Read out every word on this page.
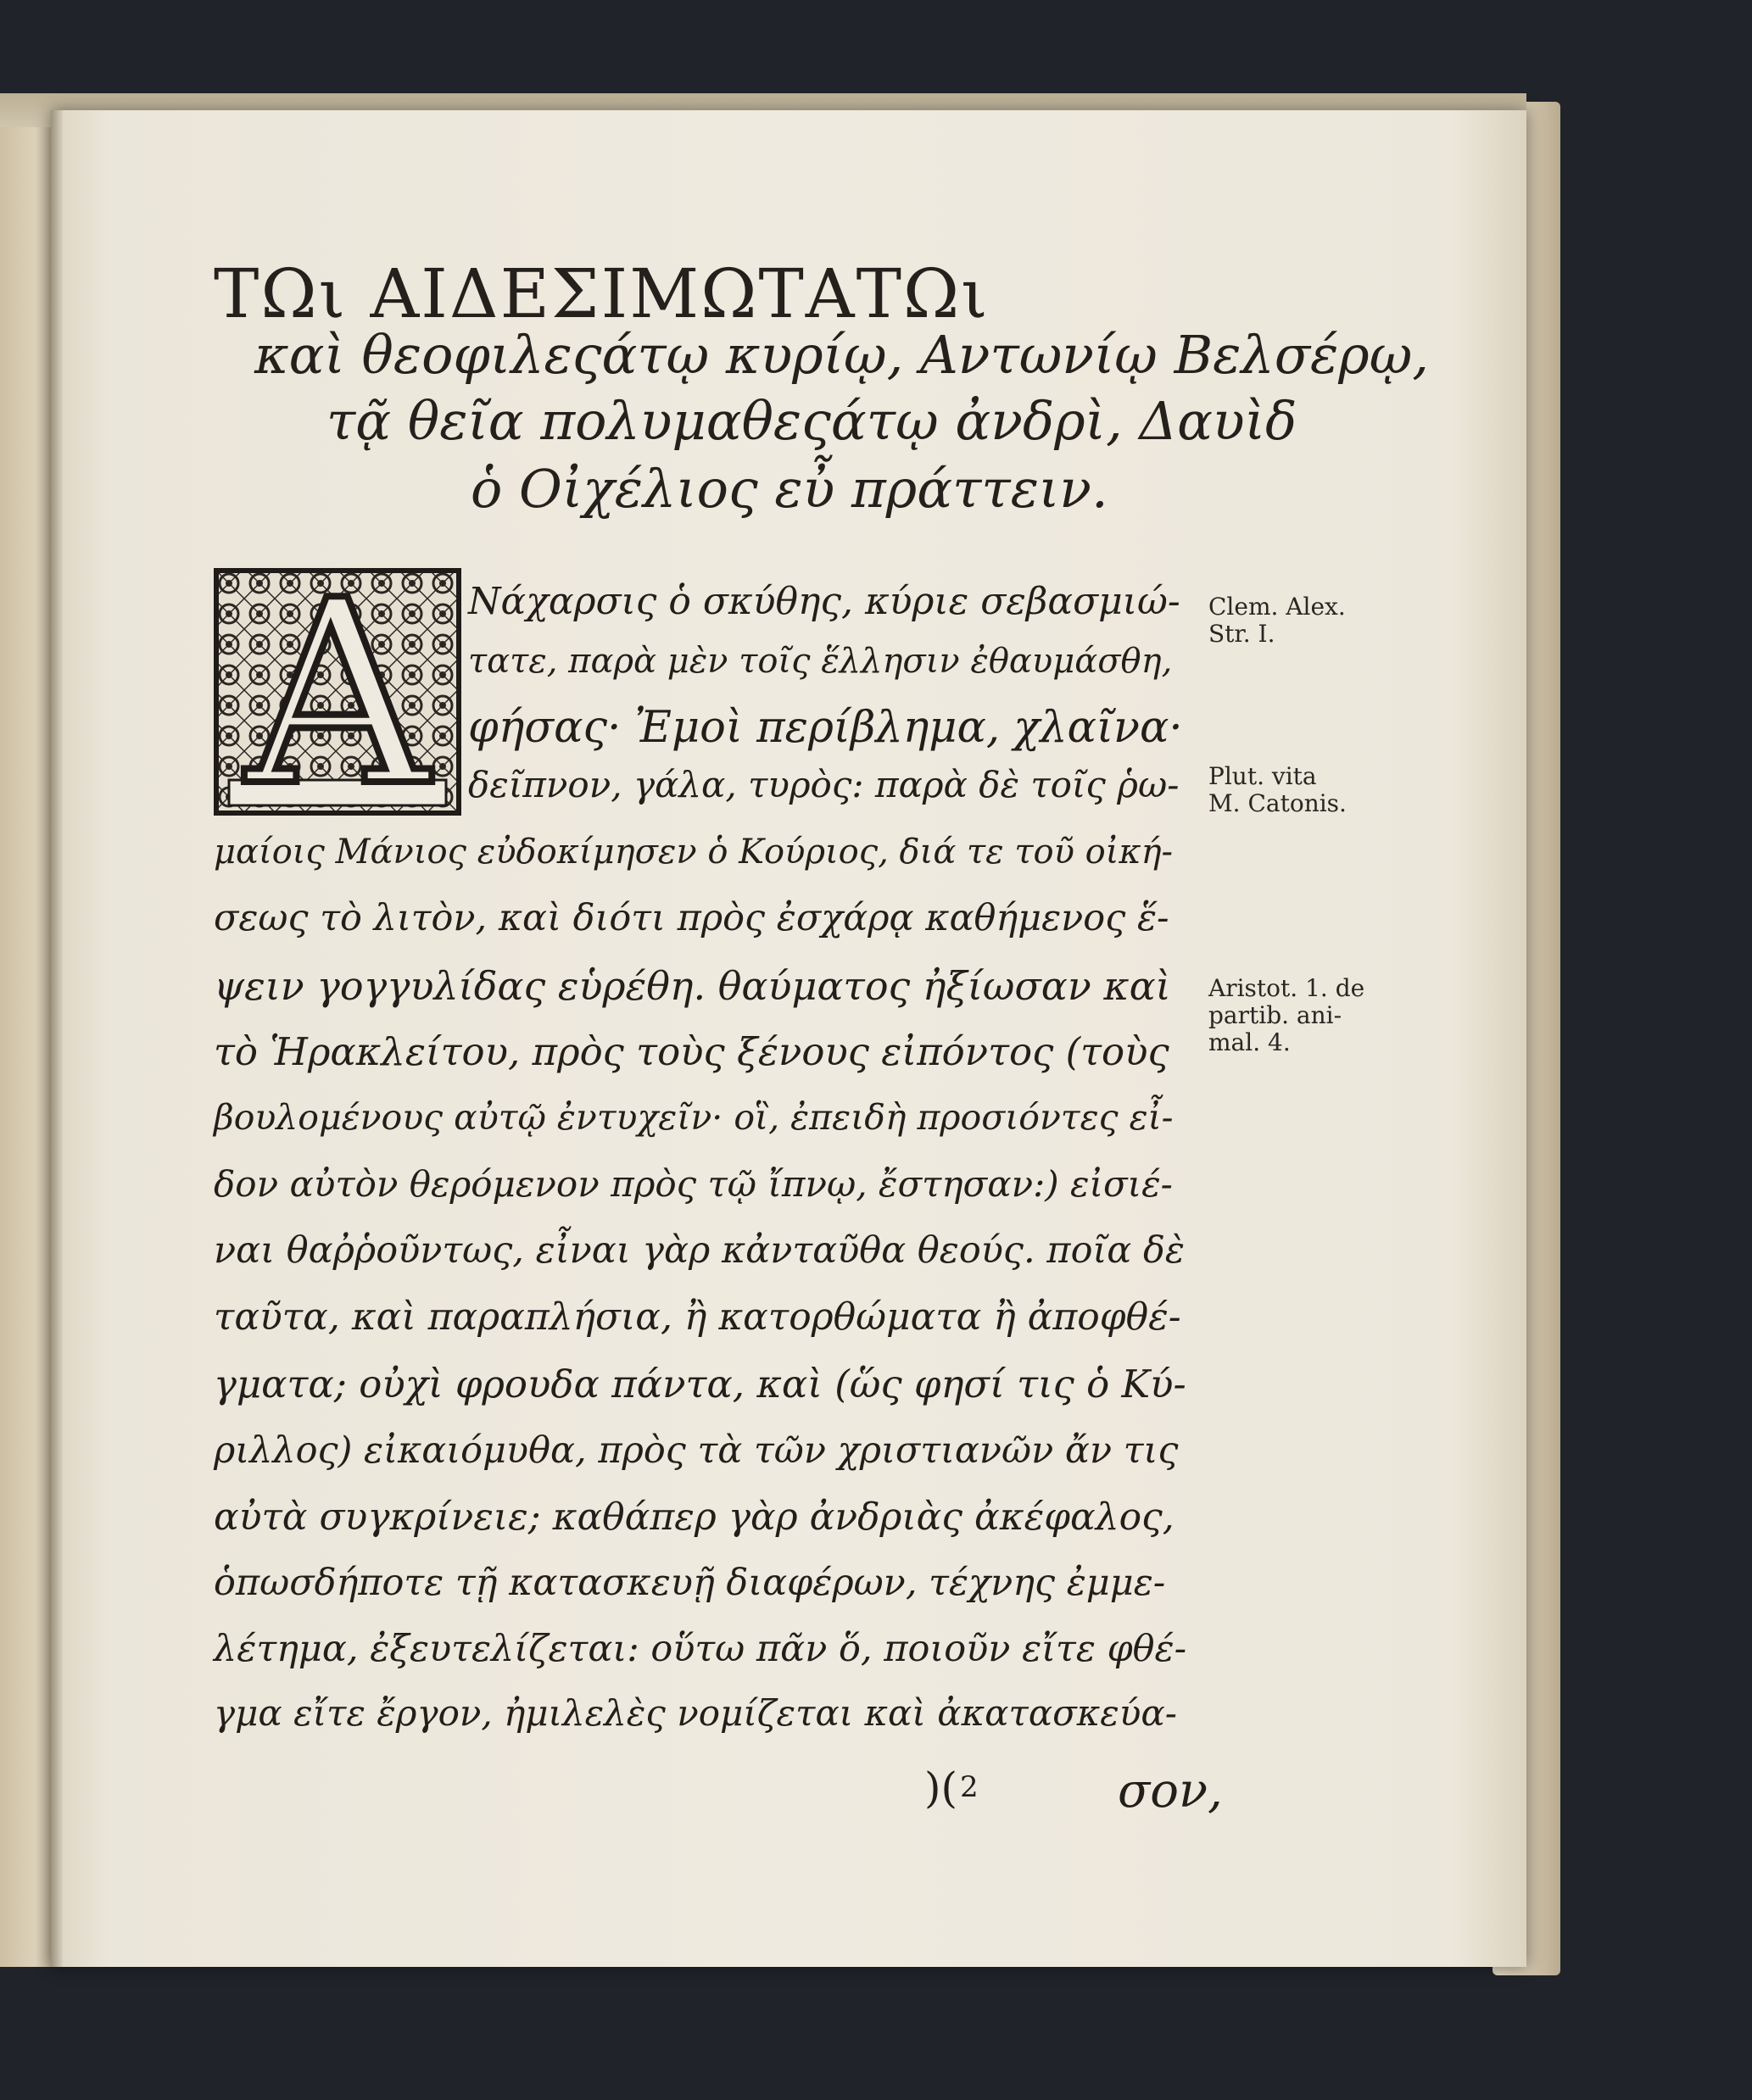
ΤΩι ΑΙΔΕΣΙΜΩΤΑΤΩι
καὶ θεοφιλεςάτῳ κυρίῳ, Αντωνίῳ Βελσέρῳ,
τᾷ θεῖα πολυμαθεςάτῳ ἀνδρὶ, Δαυὶδ
ὁ Οἰχέλιος εὖ πράττειν.
A Νάχαρσις ὁ σκύθης, κύριε σεβασμιώ-
τατε, παρὰ μὲν τοῖς ἕλλησιν ἐθαυμάσθη,
φήσας· Ἐμοὶ περίβλημα, χλαῖνα·
δεῖπνον, γάλα, τυρὸς: παρὰ δὲ τοῖς ῥω-
μαίοις Μάνιος εὐδοκίμησεν ὁ Κούριος, διά τε τοῦ οἰκή-
σεως τὸ λιτὸν, καὶ διότι πρὸς ἐσχάρᾳ καθήμενος ἕ-
ψειν γογγυλίδας εὑρέθη. θαύματος ἠξίωσαν καὶ
τὸ Ἡρακλείτου, πρὸς τοὺς ξένους εἰπόντος (τοὺς
βουλομένους αὐτῷ ἐντυχεῖν· οἳ, ἐπειδὴ προσιόντες εἶ-
δον αὐτὸν θερόμενον πρὸς τῷ ἴπνῳ, ἔστησαν:) εἰσιέ-
ναι θαῤῥοῦντως, εἶναι γὰρ κἀνταῦθα θεούς. ποῖα δὲ
ταῦτα, καὶ παραπλήσια, ἢ κατορθώματα ἢ ἀποφθέ-
γματα; οὐχὶ φρουδα πάντα, καὶ (ὥς φησί τις ὁ Κύ-
ριλλος) εἰκαιόμυθα, πρὸς τὰ τῶν χριστιανῶν ἄν τις
αὐτὰ συγκρίνειε; καθάπερ γὰρ ἀνδριὰς ἀκέφαλος,
ὁπωσδήποτε τῇ κατασκευῇ διαφέρων, τέχνης ἐμμε-
λέτημα, ἐξευτελίζεται: οὕτω πᾶν ὅ, ποιοῦν εἴτε φθέ-
γμα εἴτε ἔργον, ἠμιλελὲς νομίζεται καὶ ἀκατασκεύα-
Clem. Alex.
Str. I.
Plut. vita
M. Catonis.
Aristot. 1. de
partib. ani-
mal. 4.
)( 2	σον,
